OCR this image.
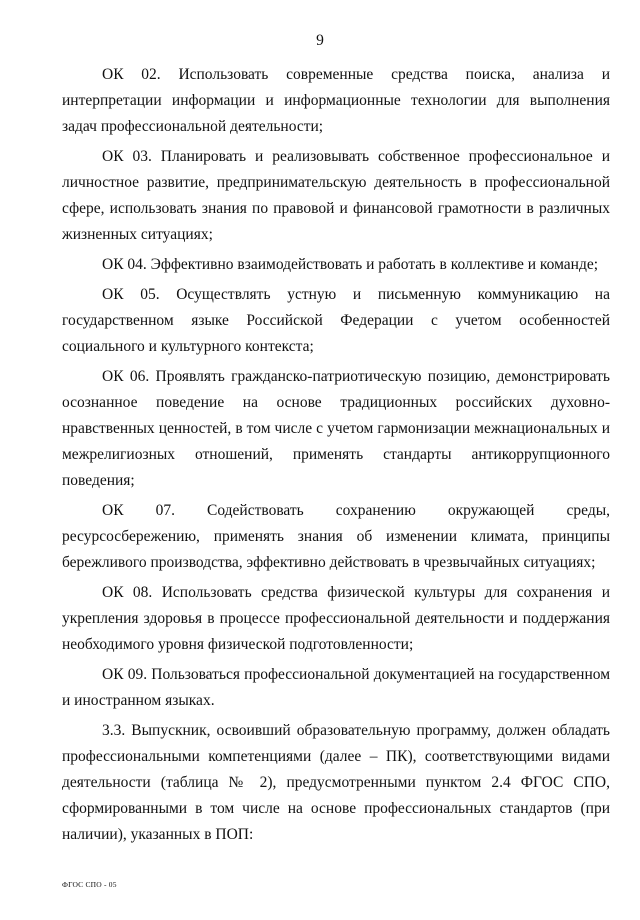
9

ОК 02. Использовать современные средства поиска, анализа и интерпретации информации и информационные технологии для выполнения задач профессиональной деятельности;

ОК 03. Планировать и реализовывать собственное профессиональное и личностное развитие, предпринимательскую деятельность в профессиональной сфере, использовать знания по правовой и финансовой грамотности в различных жизненных ситуациях;

ОК 04. Эффективно взаимодействовать и работать в коллективе и команде;

ОК 05. Осуществлять устную и письменную коммуникацию на государственном языке Российской Федерации с учетом особенностей социального и культурного контекста;

ОК 06. Проявлять гражданско-патриотическую позицию, демонстрировать осознанное поведение на основе традиционных российских духовно-нравственных ценностей, в том числе с учетом гармонизации межнациональных и межрелигиозных отношений, применять стандарты антикоррупционного поведения;

ОК 07. Содействовать сохранению окружающей среды, ресурсосбережению, применять знания об изменении климата, принципы бережливого производства, эффективно действовать в чрезвычайных ситуациях;

ОК 08. Использовать средства физической культуры для сохранения и укрепления здоровья в процессе профессиональной деятельности и поддержания необходимого уровня физической подготовленности;

ОК 09. Пользоваться профессиональной документацией на государственном и иностранном языках.

3.3. Выпускник, освоивший образовательную программу, должен обладать профессиональными компетенциями (далее – ПК), соответствующими видами деятельности (таблица № 2), предусмотренными пунктом 2.4 ФГОС СПО, сформированными в том числе на основе профессиональных стандартов (при наличии), указанных в ПОП:

ФГОС СПО - 05
